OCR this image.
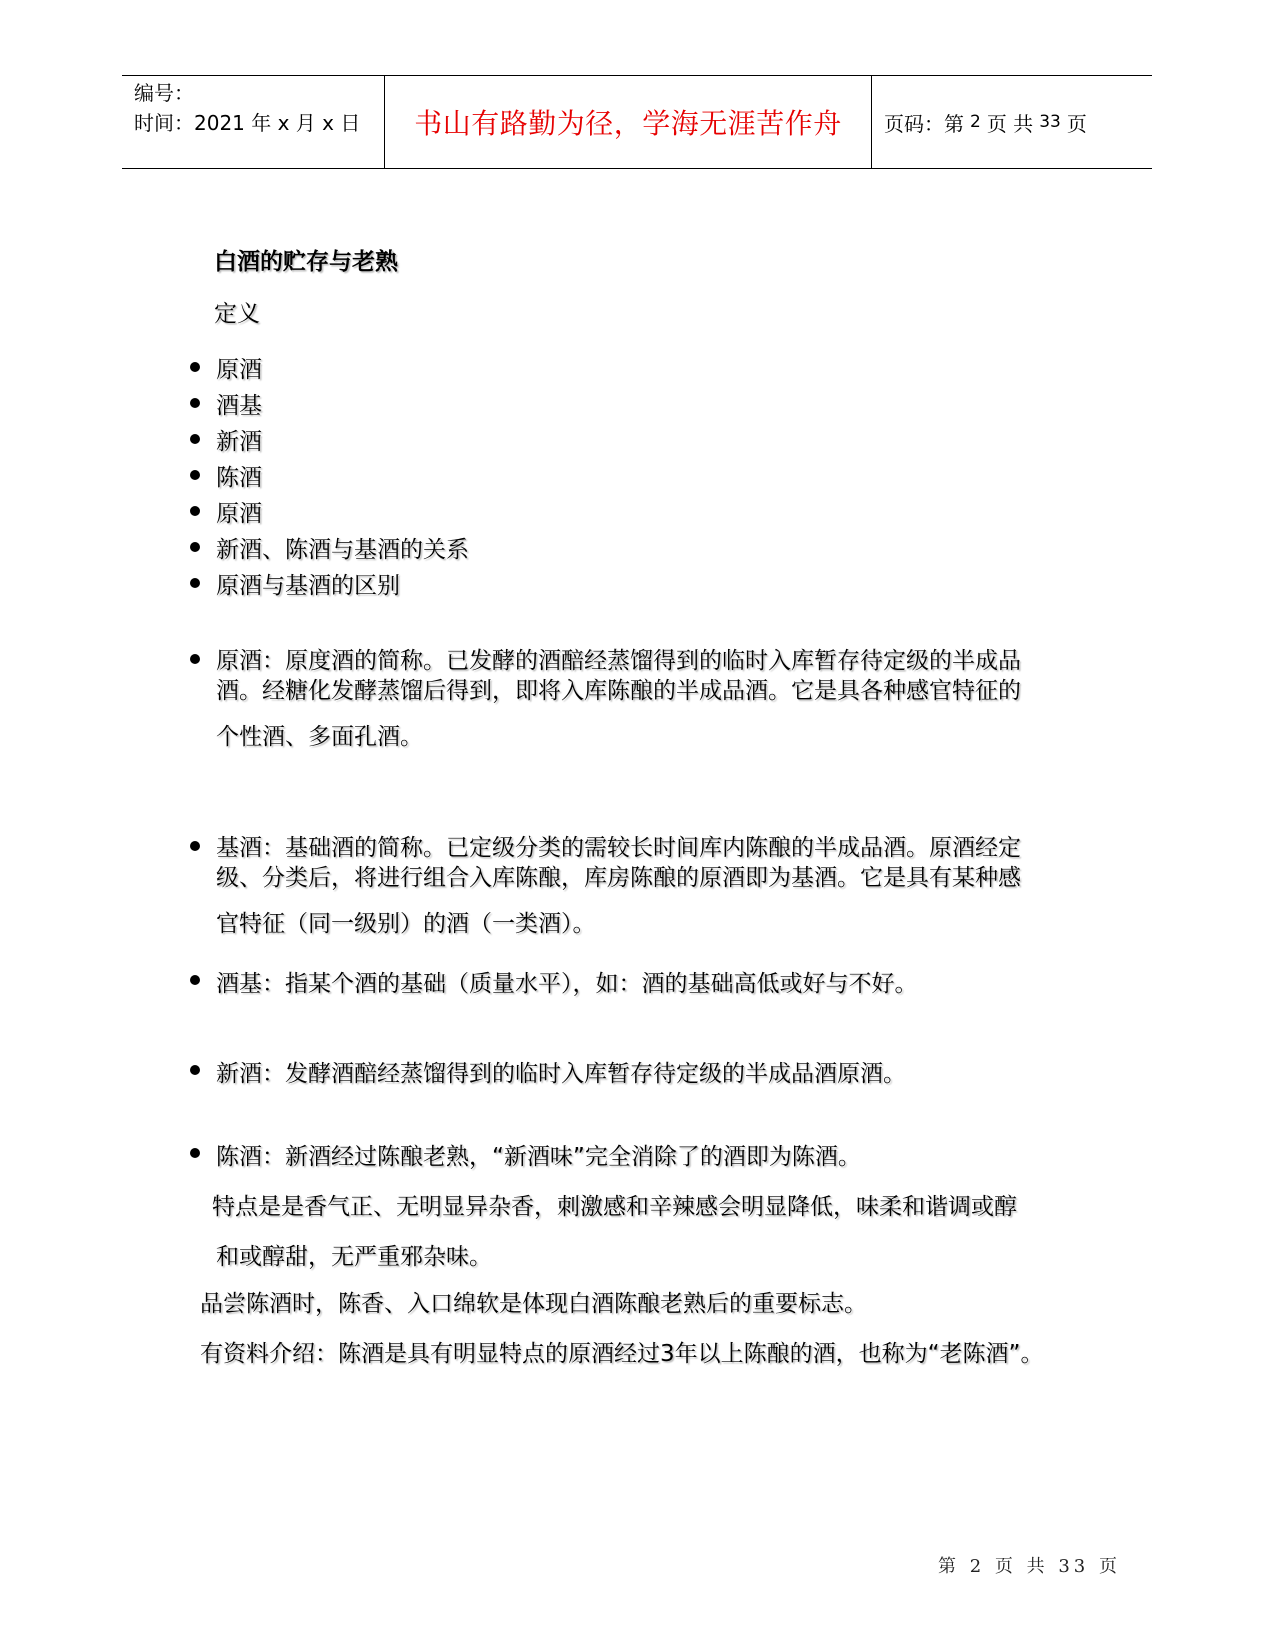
编号：
时间：2021 年 x 月 x 日	书山有路勤为径，学海无涯苦作舟	页码：第 2 页 共 33 页
白酒的贮存与老熟
定义
原酒
酒基
新酒
陈酒
原酒
新酒、陈酒与基酒的关系
原酒与基酒的区别
原酒：原度酒的简称。已发酵的酒醅经蒸馏得到的临时入库暂存待定级的半成品
酒。经糖化发酵蒸馏后得到，即将入库陈酿的半成品酒。它是具各种感官特征的
个性酒、多面孔酒。
基酒：基础酒的简称。已定级分类的需较长时间库内陈酿的半成品酒。原酒经定
级、分类后，将进行组合入库陈酿，库房陈酿的原酒即为基酒。它是具有某种感
官特征（同一级别）的酒（一类酒）。
酒基：指某个酒的基础（质量水平），如：酒的基础高低或好与不好。
新酒：发酵酒醅经蒸馏得到的临时入库暂存待定级的半成品酒原酒。
陈酒：新酒经过陈酿老熟，“新酒味”完全消除了的酒即为陈酒。
特点是是香气正、无明显异杂香，刺激感和辛辣感会明显降低，味柔和谐调或醇
和或醇甜，无严重邪杂味。
品尝陈酒时，陈香、入口绵软是体现白酒陈酿老熟后的重要标志。
有资料介绍：陈酒是具有明显特点的原酒经过3年以上陈酿的酒，也称为“老陈酒”。
第 2 页 共 33 页
